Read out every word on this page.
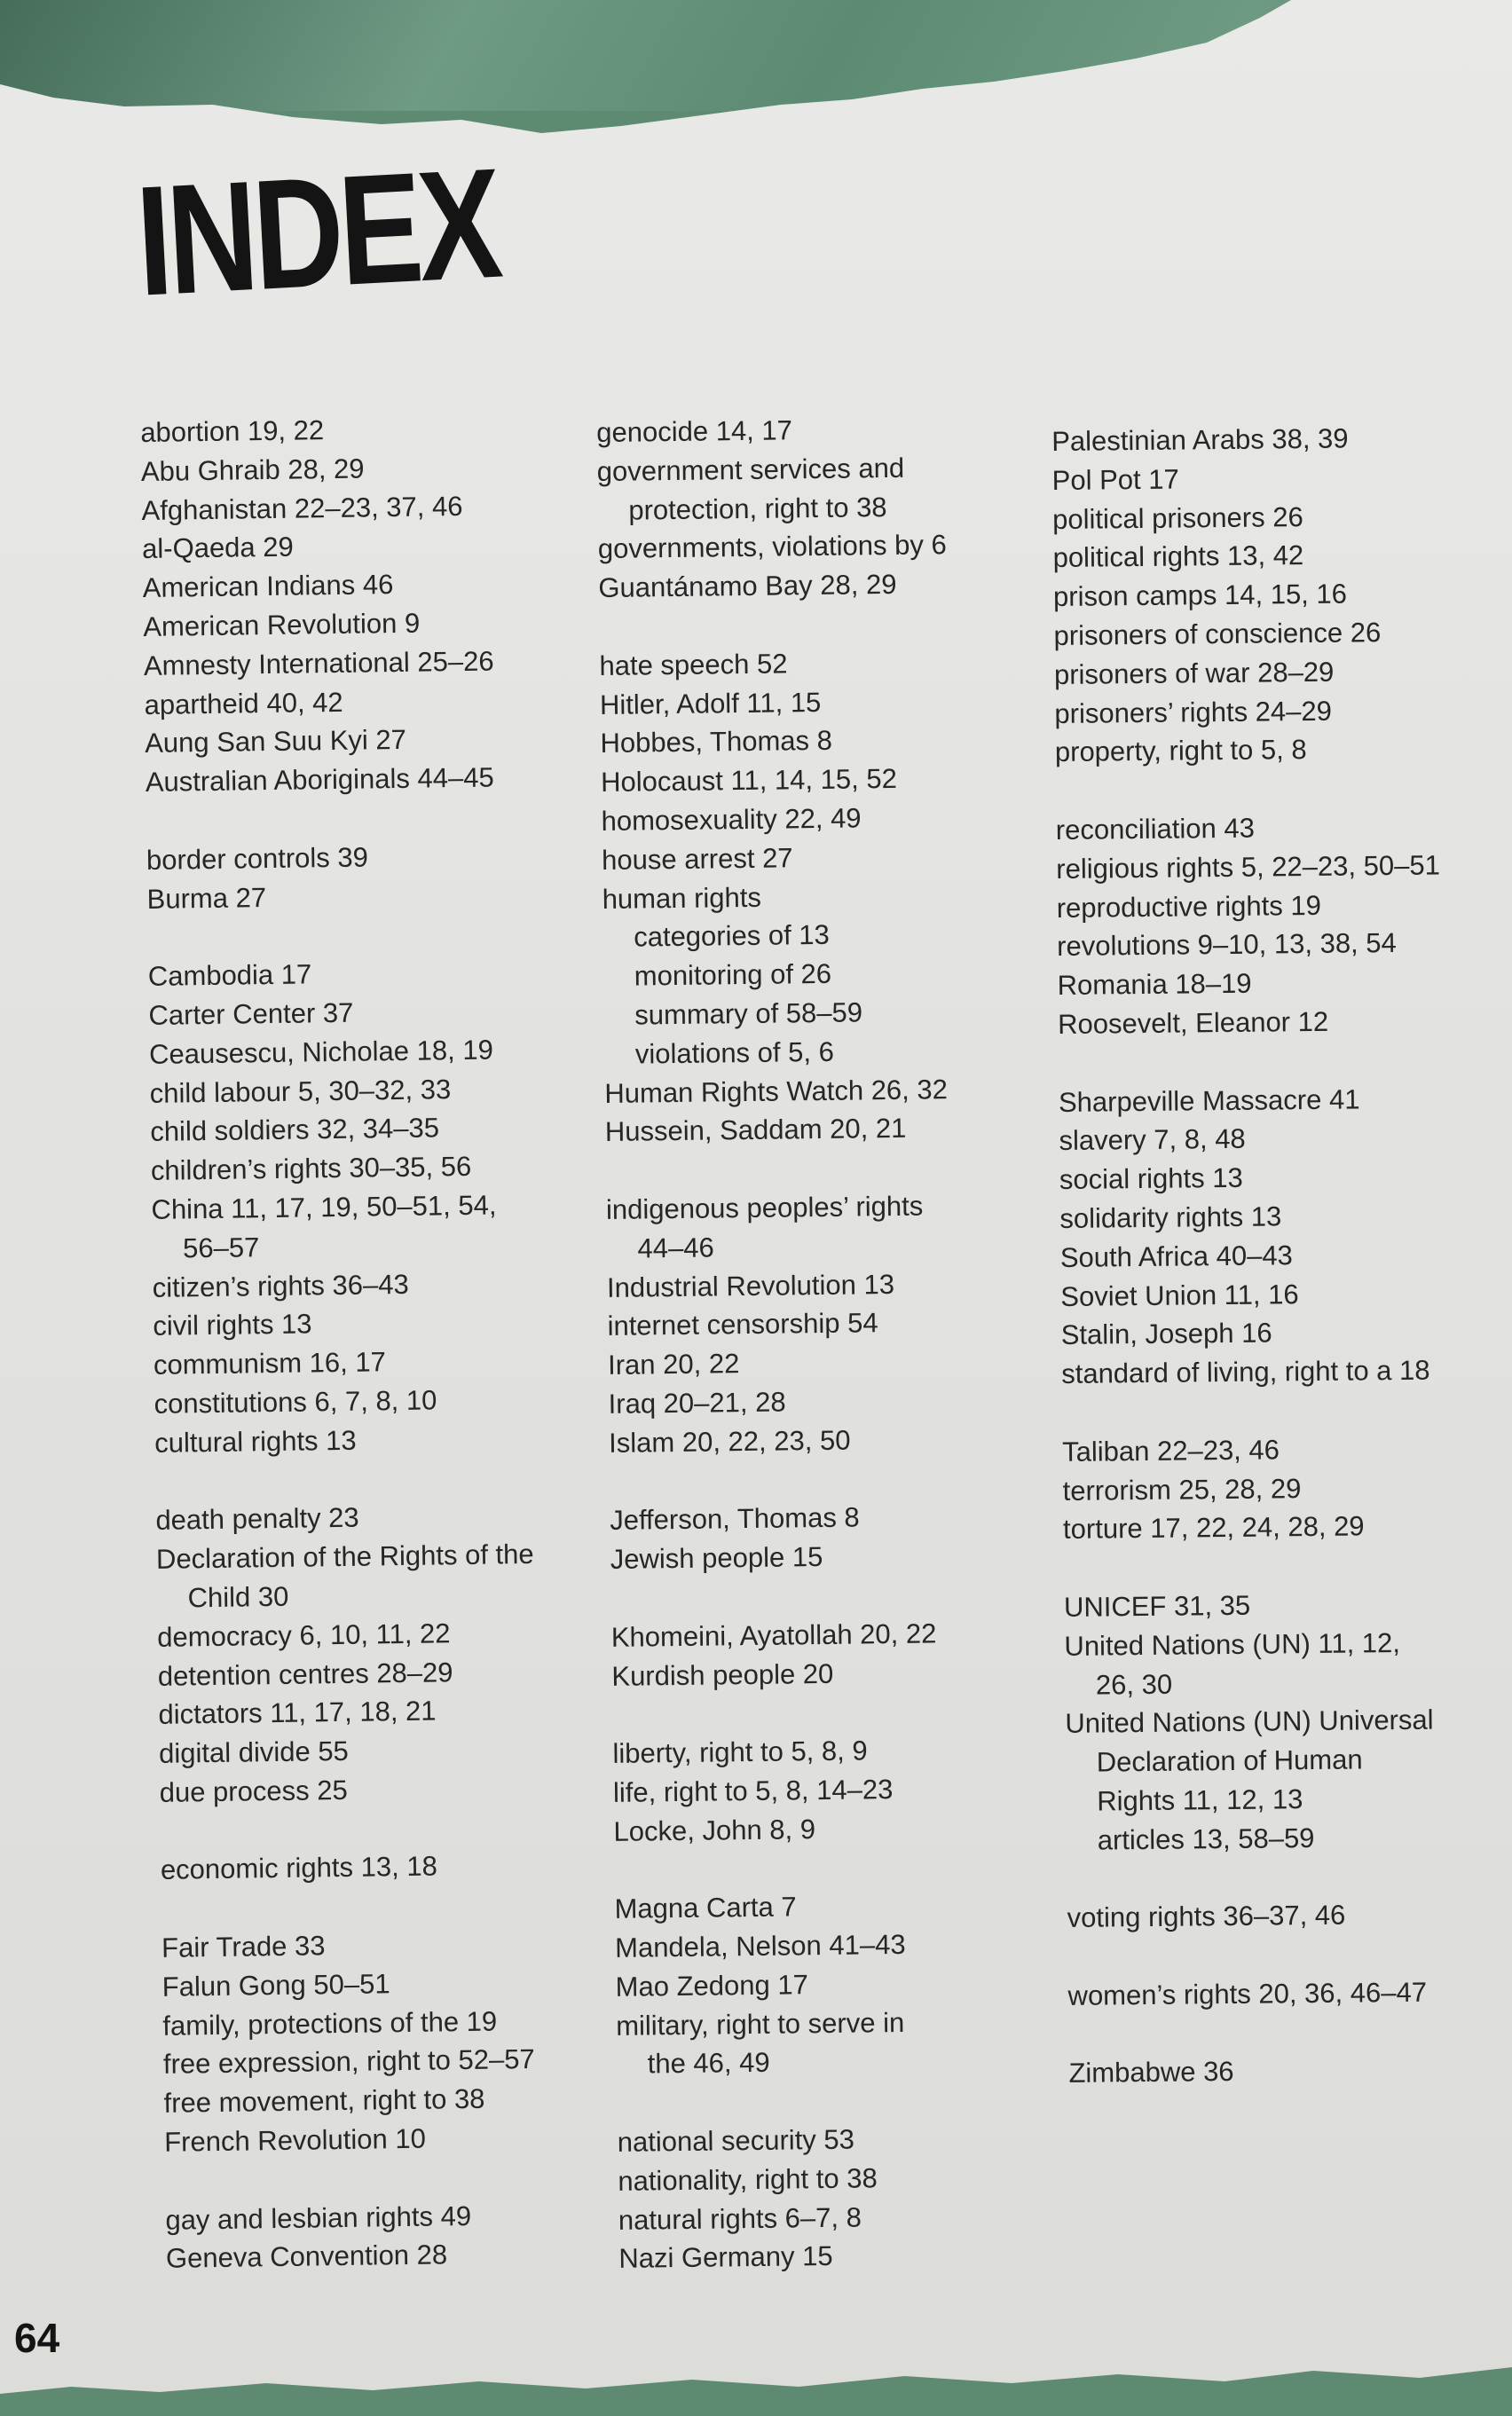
INDEX
abortion 19, 22
Abu Ghraib 28, 29
Afghanistan 22–23, 37, 46
al-Qaeda 29
American Indians 46
American Revolution 9
Amnesty International 25–26
apartheid 40, 42
Aung San Suu Kyi 27
Australian Aboriginals 44–45
border controls 39
Burma 27
Cambodia 17
Carter Center 37
Ceausescu, Nicholae 18, 19
child labour 5, 30–32, 33
child soldiers 32, 34–35
children’s rights 30–35, 56
China 11, 17, 19, 50–51, 54,
56–57
citizen’s rights 36–43
civil rights 13
communism 16, 17
constitutions 6, 7, 8, 10
cultural rights 13
death penalty 23
Declaration of the Rights of the
Child 30
democracy 6, 10, 11, 22
detention centres 28–29
dictators 11, 17, 18, 21
digital divide 55
due process 25
economic rights 13, 18
Fair Trade 33
Falun Gong 50–51
family, protections of the 19
free expression, right to 52–57
free movement, right to 38
French Revolution 10
gay and lesbian rights 49
Geneva Convention 28
genocide 14, 17
government services and
protection, right to 38
governments, violations by 6
Guantánamo Bay 28, 29
hate speech 52
Hitler, Adolf 11, 15
Hobbes, Thomas 8
Holocaust 11, 14, 15, 52
homosexuality 22, 49
house arrest 27
human rights
categories of 13
monitoring of 26
summary of 58–59
violations of 5, 6
Human Rights Watch 26, 32
Hussein, Saddam 20, 21
indigenous peoples’ rights
44–46
Industrial Revolution 13
internet censorship 54
Iran 20, 22
Iraq 20–21, 28
Islam 20, 22, 23, 50
Jefferson, Thomas 8
Jewish people 15
Khomeini, Ayatollah 20, 22
Kurdish people 20
liberty, right to 5, 8, 9
life, right to 5, 8, 14–23
Locke, John 8, 9
Magna Carta 7
Mandela, Nelson 41–43
Mao Zedong 17
military, right to serve in
the 46, 49
national security 53
nationality, right to 38
natural rights 6–7, 8
Nazi Germany 15
Palestinian Arabs 38, 39
Pol Pot 17
political prisoners 26
political rights 13, 42
prison camps 14, 15, 16
prisoners of conscience 26
prisoners of war 28–29
prisoners’ rights 24–29
property, right to 5, 8
reconciliation 43
religious rights 5, 22–23, 50–51
reproductive rights 19
revolutions 9–10, 13, 38, 54
Romania 18–19
Roosevelt, Eleanor 12
Sharpeville Massacre 41
slavery 7, 8, 48
social rights 13
solidarity rights 13
South Africa 40–43
Soviet Union 11, 16
Stalin, Joseph 16
standard of living, right to a 18
Taliban 22–23, 46
terrorism 25, 28, 29
torture 17, 22, 24, 28, 29
UNICEF 31, 35
United Nations (UN) 11, 12,
26, 30
United Nations (UN) Universal
Declaration of Human
Rights 11, 12, 13
articles 13, 58–59
voting rights 36–37, 46
women’s rights 20, 36, 46–47
Zimbabwe 36
64
